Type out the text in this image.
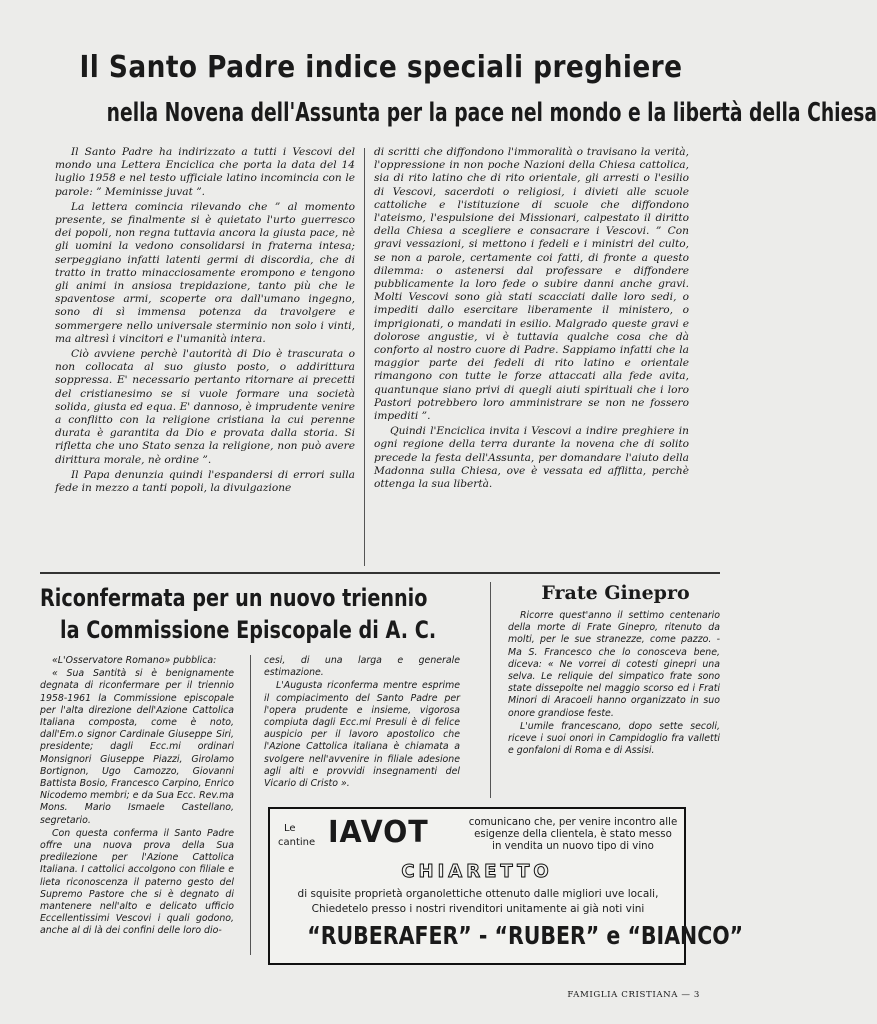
Il Santo Padre indice speciali preghiere
nella Novena dell'Assunta per la pace nel mondo e la libertà della Chiesa

Il Santo Padre ha indirizzato a tutti i Vescovi del mondo una Lettera Enciclica che porta la data del 14 luglio 1958 e nel testo ufficiale latino incomincia con le parole: ” Meminisse juvat ”.

La lettera comincia rilevando che ” al momento presente, se finalmente si è quietato l'urto guerresco dei popoli, non regna tuttavia ancora la giusta pace, nè gli uomini la vedono consolidarsi in fraterna intesa; serpeggiano infatti latenti germi di discordia, che di tratto in tratto minacciosamente erompono e tengono gli animi in ansiosa trepidazione, tanto più che le spaventose armi, scoperte ora dall'umano ingegno, sono di sì immensa potenza da travolgere e sommergere nello universale sterminio non solo i vinti, ma altresì i vincitori e l'umanità intera.

Ciò avviene perchè l'autorità di Dio è trascurata o non collocata al suo giusto posto, o addirittura soppressa. E' necessario pertanto ritornare ai precetti del cristianesimo se si vuole formare una società solida, giusta ed equa. E' dannoso, è imprudente venire a conflitto con la religione cristiana la cui perenne durata è garantita da Dio e provata dalla storia. Si rifletta che uno Stato senza la religione, non può avere dirittura morale, nè ordine ”.

Il Papa denunzia quindi l'espandersi di errori sulla fede in mezzo a tanti popoli, la divulgazione

di scritti che diffondono l'immoralità o travisano la verità, l'oppressione in non poche Nazioni della Chiesa cattolica, sia di rito latino che di rito orientale, gli arresti o l'esilio di Vescovi, sacerdoti o religiosi, i divieti alle scuole cattoliche e l'istituzione di scuole che diffondono l'ateismo, l'espulsione dei Missionari, calpestato il diritto della Chiesa a scegliere e consacrare i Vescovi. ” Con gravi vessazioni, si mettono i fedeli e i ministri del culto, se non a parole, certamente coi fatti, di fronte a questo dilemma: o astenersi dal professare e diffondere pubblicamente la loro fede o subire danni anche gravi. Molti Vescovi sono già stati scacciati dalle loro sedi, o impediti dallo esercitare liberamente il ministero, o imprigionati, o mandati in esilio. Malgrado queste gravi e dolorose angustie, vi è tuttavia qualche cosa che dà conforto al nostro cuore di Padre. Sappiamo infatti che la maggior parte dei fedeli di rito latino e orientale rimangono con tutte le forze attaccati alla fede avita, quantunque siano privi di quegli aiuti spirituali che i loro Pastori potrebbero loro amministrare se non ne fossero impediti ”.

Quindi l'Enciclica invita i Vescovi a indire preghiere in ogni regione della terra durante la novena che di solito precede la festa dell'Assunta, per domandare l'aiuto della Madonna sulla Chiesa, ove è vessata ed afflitta, perchè ottenga la sua libertà.

Riconfermata per un nuovo triennio
la Commissione Episcopale di A. C.

«L'Osservatore Romano» pubblica:

« Sua Santità si è benignamente degnata di riconfermare per il triennio 1958-1961 la Commissione episcopale per l'alta direzione dell'Azione Cattolica Italiana composta, come è noto, dall'Em.o signor Cardinale Giuseppe Siri, presidente; dagli Ecc.mi ordinari Monsignori Giuseppe Piazzi, Girolamo Bortignon, Ugo Camozzo, Giovanni Battista Bosio, Francesco Carpino, Enrico Nicodemo membri; e da Sua Ecc. Rev.ma Mons. Mario Ismaele Castellano, segretario.

Con questa conferma il Santo Padre offre una nuova prova della Sua predilezione per l'Azione Cattolica Italiana. I cattolici accolgono con filiale e lieta riconoscenza il paterno gesto del Supremo Pastore che si è degnato di mantenere nell'alto e delicato ufficio Eccellentissimi Vescovi i quali godono, anche al di là dei confini delle loro dio-

cesi, di una larga e generale estimazione.

L'Augusta riconferma mentre esprime il compiacimento del Santo Padre per l'opera prudente e insieme, vigorosa compiuta dagli Ecc.mi Presuli è di felice auspicio per il lavoro apostolico che l'Azione Cattolica italiana è chiamata a svolgere nell'avvenire in filiale adesione agli alti e provvidi insegnamenti del Vicario di Cristo ».

Frate Ginepro

Ricorre quest'anno il settimo centenario della morte di Frate Ginepro, ritenuto da molti, per le sue stranezze, come pazzo. - Ma S. Francesco che lo conosceva bene, diceva: « Ne vorrei di cotesti ginepri una selva. Le reliquie del simpatico frate sono state dissepolte nel maggio scorso ed i Frati Minori di Aracoeli hanno organizzato in suo onore grandiose feste.

L'umile francescano, dopo sette secoli, riceve i suoi onori in Campidoglio fra valletti e gonfaloni di Roma e di Assisi.

Le
cantine IAVOT	comunicano che, per venire incontro alle esigenze della clientela, è stato messo in vendita un nuovo tipo di vino
CHIARETTO
di squisite proprietà organolettiche ottenuto dalle migliori uve locali,
Chiedetelo presso i nostri rivenditori unitamente ai già noti vini
“RUBERAFER” - “RUBER” e “BIANCO”
FAMIGLIA CRISTIANA — 3
